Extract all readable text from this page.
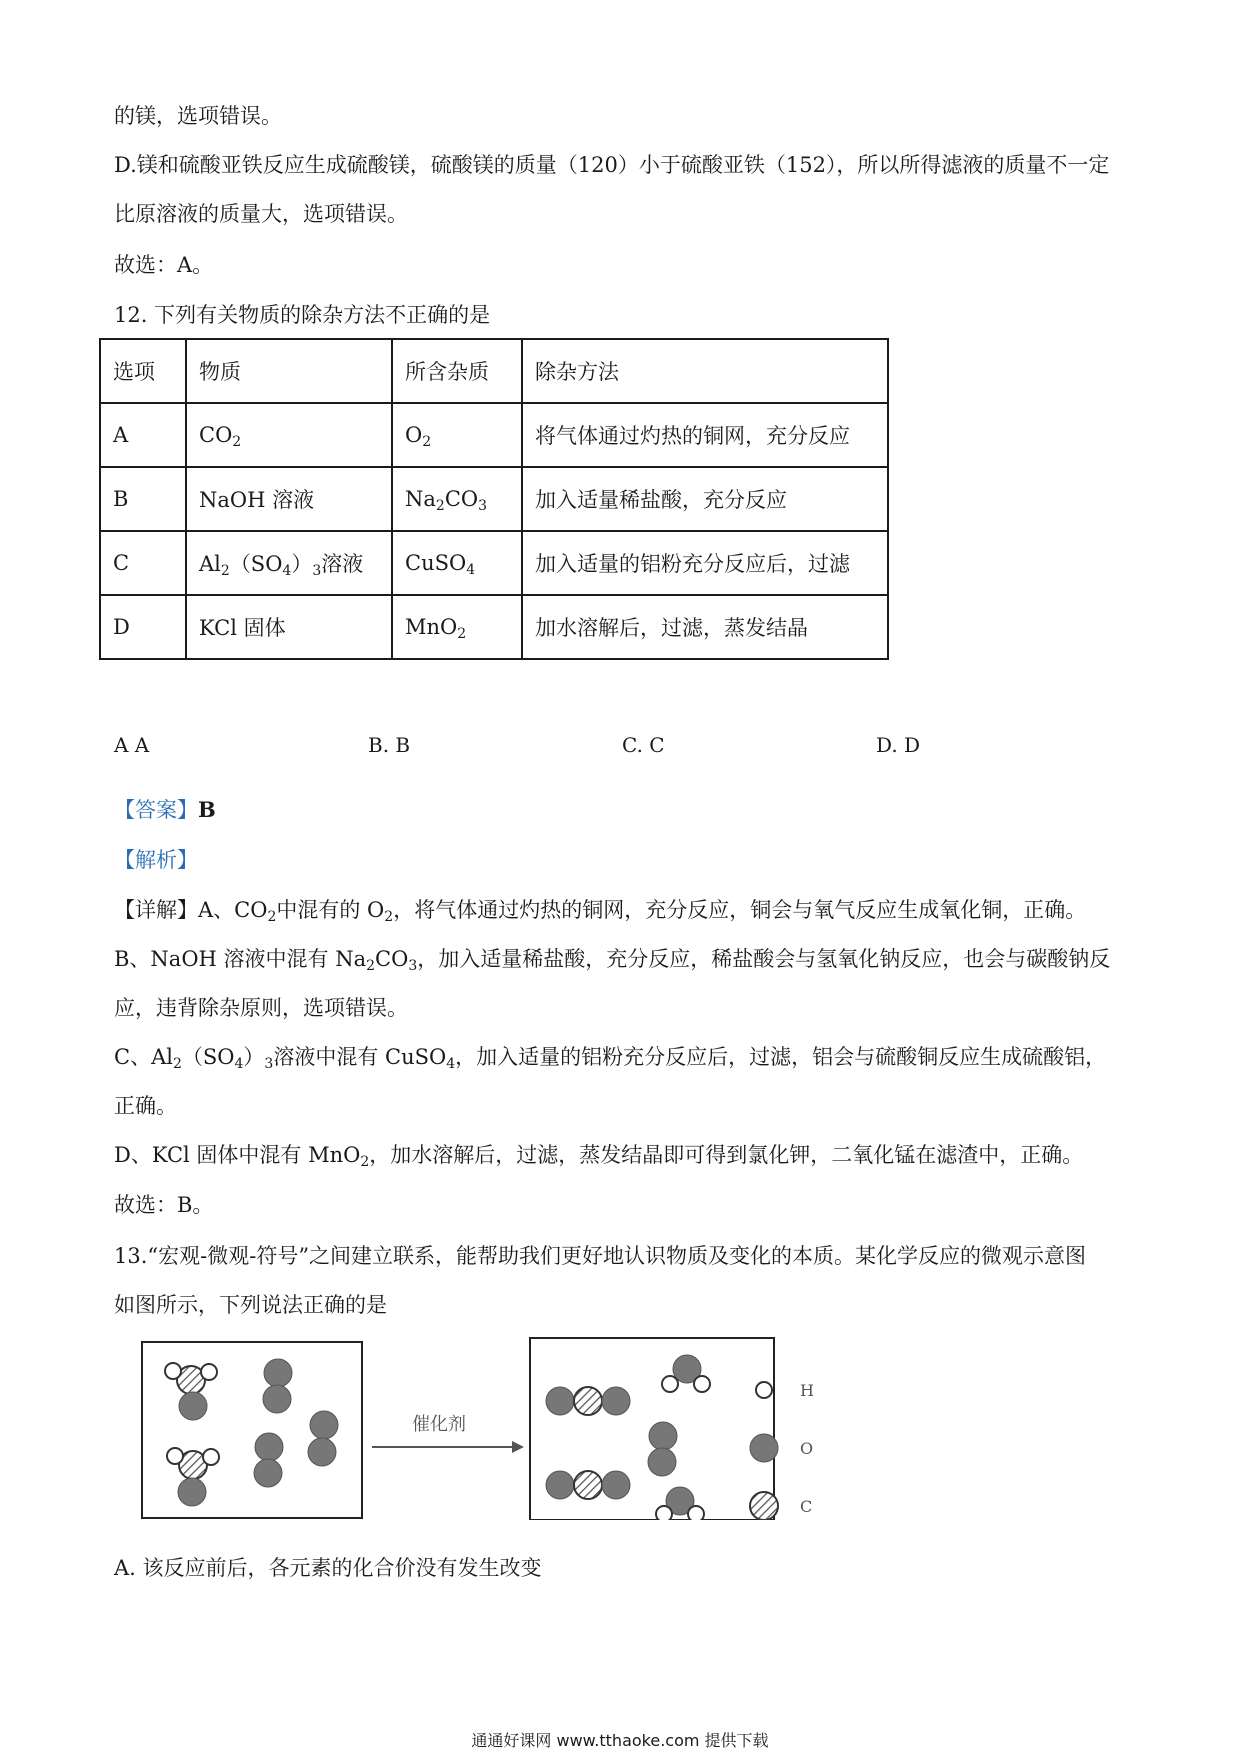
的镁，选项错误。
D.镁和硫酸亚铁反应生成硫酸镁，硫酸镁的质量（120）小于硫酸亚铁（152），所以所得滤液的质量不一定
比原溶液的质量大，选项错误。
故选：A。
12. 下列有关物质的除杂方法不正确的是
选项	物质	所含杂质	除杂方法
A	$CO_2$	$O_2$	将气体通过灼热的铜网，充分反应
B	NaOH 溶液	$Na_2CO_3$	加入适量稀盐酸，充分反应
C	$Al_2(SO_4)_3$溶液	CuSO$_4$	加入适量的铝粉充分反应后，过滤
D	KCl 固体	MnO$_2$	加水溶解后，过滤，蒸发结晶
A A	B. B	C. C	D. D
【答案】B
【解析】
【详解】A、$CO_2$中混有的 $O_2$，将气体通过灼热的铜网，充分反应，铜会与氧气反应生成氧化铜，正确。
B、NaOH 溶液中混有 $Na_2CO_3$，加入适量稀盐酸，充分反应，稀盐酸会与氢氧化钠反应，也会与碳酸钠反
应，违背除杂原则，选项错误。
C、$Al_2(SO_4)_3$溶液中混有 CuSO$_4$，加入适量的铝粉充分反应后，过滤，铝会与硫酸铜反应生成硫酸铝，
正确。
D、KCl 固体中混有 MnO$_2$，加水溶解后，过滤，蒸发结晶即可得到氯化钾，二氧化锰在滤渣中，正确。
故选：B。
13.“宏观-微观-符号”之间建立联系，能帮助我们更好地认识物质及变化的本质。某化学反应的微观示意图
如图所示，下列说法正确的是
催化剂
H
O
C
A. 该反应前后，各元素的化合价没有发生改变
通通好课网 www.tthaoke.com 提供下载
